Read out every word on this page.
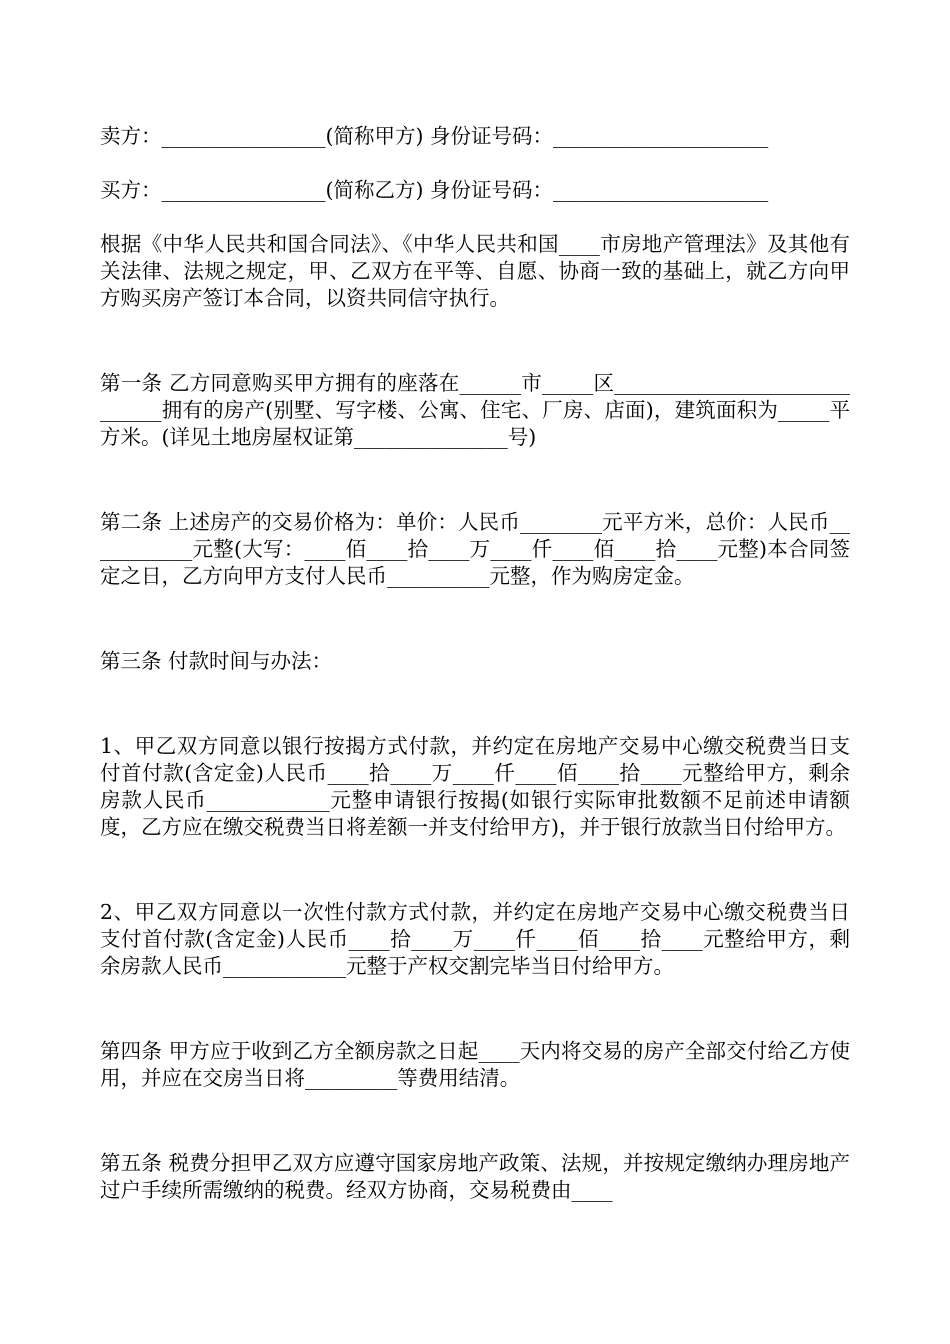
卖方：________________(简称甲方) 身份证号码：_____________________

买方：________________(简称乙方) 身份证号码：_____________________

根据《中华人民共和国合同法》、《中华人民共和国____市房地产管理法》及其他有关法律、法规之规定，甲、乙双方在平等、自愿、协商一致的基础上，就乙方向甲方购买房产签订本合同，以资共同信守执行。

第一条 乙方同意购买甲方拥有的座落在______市_____区_____________________________拥有的房产(别墅、写字楼、公寓、住宅、厂房、店面)，建筑面积为_____平方米。(详见土地房屋权证第_______________号)

第二条 上述房产的交易价格为：单价：人民币________元平方米，总价：人民币___________元整(大写：____佰____拾____万____仟____佰____拾____元整)本合同签定之日，乙方向甲方支付人民币__________元整，作为购房定金。

第三条 付款时间与办法：

1、甲乙双方同意以银行按揭方式付款，并约定在房地产交易中心缴交税费当日支付首付款(含定金)人民币____拾____万____仟____佰____拾____元整给甲方，剩余房款人民币____________元整申请银行按揭(如银行实际审批数额不足前述申请额度，乙方应在缴交税费当日将差额一并支付给甲方)，并于银行放款当日付给甲方。

2、甲乙双方同意以一次性付款方式付款，并约定在房地产交易中心缴交税费当日支付首付款(含定金)人民币____拾____万____仟____佰____拾____元整给甲方，剩余房款人民币____________元整于产权交割完毕当日付给甲方。

第四条 甲方应于收到乙方全额房款之日起____天内将交易的房产全部交付给乙方使用，并应在交房当日将_________等费用结清。

第五条 税费分担甲乙双方应遵守国家房地产政策、法规，并按规定缴纳办理房地产过户手续所需缴纳的税费。经双方协商，交易税费由____
